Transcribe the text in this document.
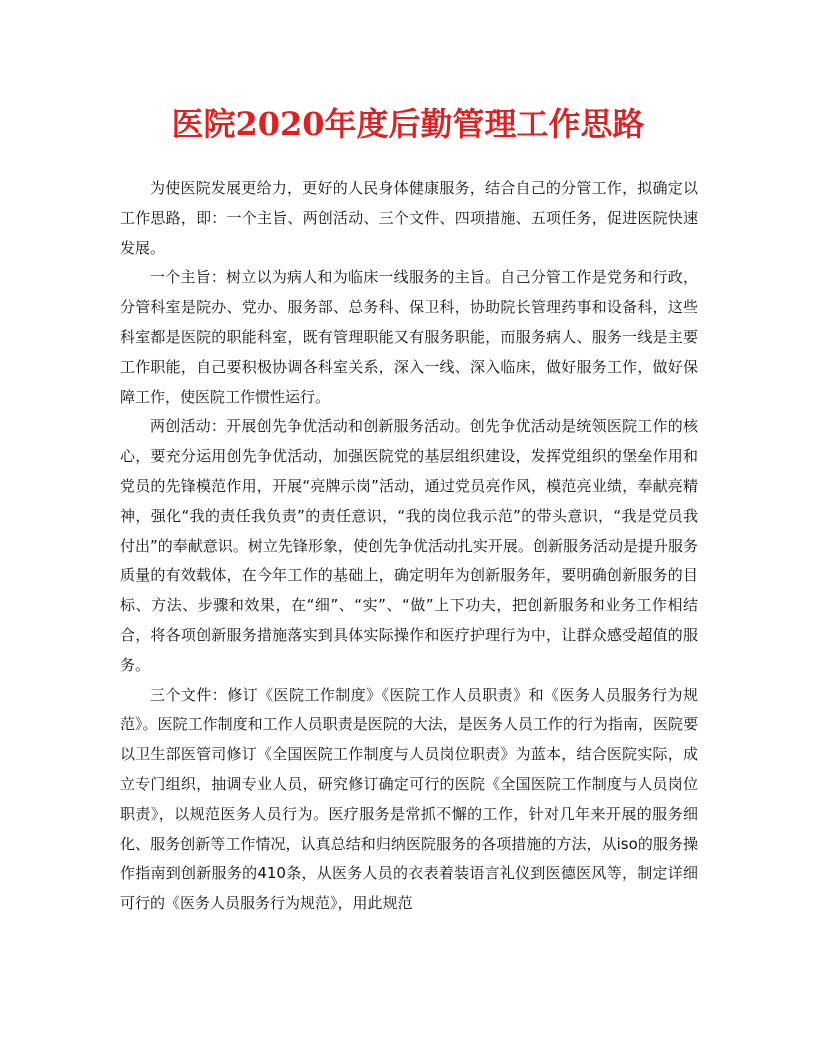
医院2020年度后勤管理工作思路

为使医院发展更给力，更好的人民身体健康服务，结合自己的分管工作，拟确定以工作思路，即：一个主旨、两创活动、三个文件、四项措施、五项任务，促进医院快速发展。

一个主旨：树立以为病人和为临床一线服务的主旨。自己分管工作是党务和行政，分管科室是院办、党办、服务部、总务科、保卫科，协助院长管理药事和设备科，这些科室都是医院的职能科室，既有管理职能又有服务职能，而服务病人、服务一线是主要工作职能，自己要积极协调各科室关系，深入一线、深入临床，做好服务工作，做好保障工作，使医院工作惯性运行。

两创活动：开展创先争优活动和创新服务活动。创先争优活动是统领医院工作的核心，要充分运用创先争优活动，加强医院党的基层组织建设，发挥党组织的堡垒作用和党员的先锋模范作用，开展“亮牌示岗”活动，通过党员亮作风，模范亮业绩，奉献亮精神，强化“我的责任我负责”的责任意识，“我的岗位我示范”的带头意识，“我是党员我付出”的奉献意识。树立先锋形象，使创先争优活动扎实开展。创新服务活动是提升服务质量的有效载体，在今年工作的基础上，确定明年为创新服务年，要明确创新服务的目标、方法、步骤和效果，在“细”、“实”、“做”上下功夫，把创新服务和业务工作相结合，将各项创新服务措施落实到具体实际操作和医疗护理行为中，让群众感受超值的服务。

三个文件：修订《医院工作制度》《医院工作人员职责》和《医务人员服务行为规范》。医院工作制度和工作人员职责是医院的大法，是医务人员工作的行为指南，医院要以卫生部医管司修订《全国医院工作制度与人员岗位职责》为蓝本，结合医院实际，成立专门组织，抽调专业人员，研究修订确定可行的医院《全国医院工作制度与人员岗位职责》，以规范医务人员行为。医疗服务是常抓不懈的工作，针对几年来开展的服务细化、服务创新等工作情况，认真总结和归纳医院服务的各项措施的方法，从iso的服务操作指南到创新服务的410条，从医务人员的衣表着装语言礼仪到医德医风等，制定详细可行的《医务人员服务行为规范》，用此规范
